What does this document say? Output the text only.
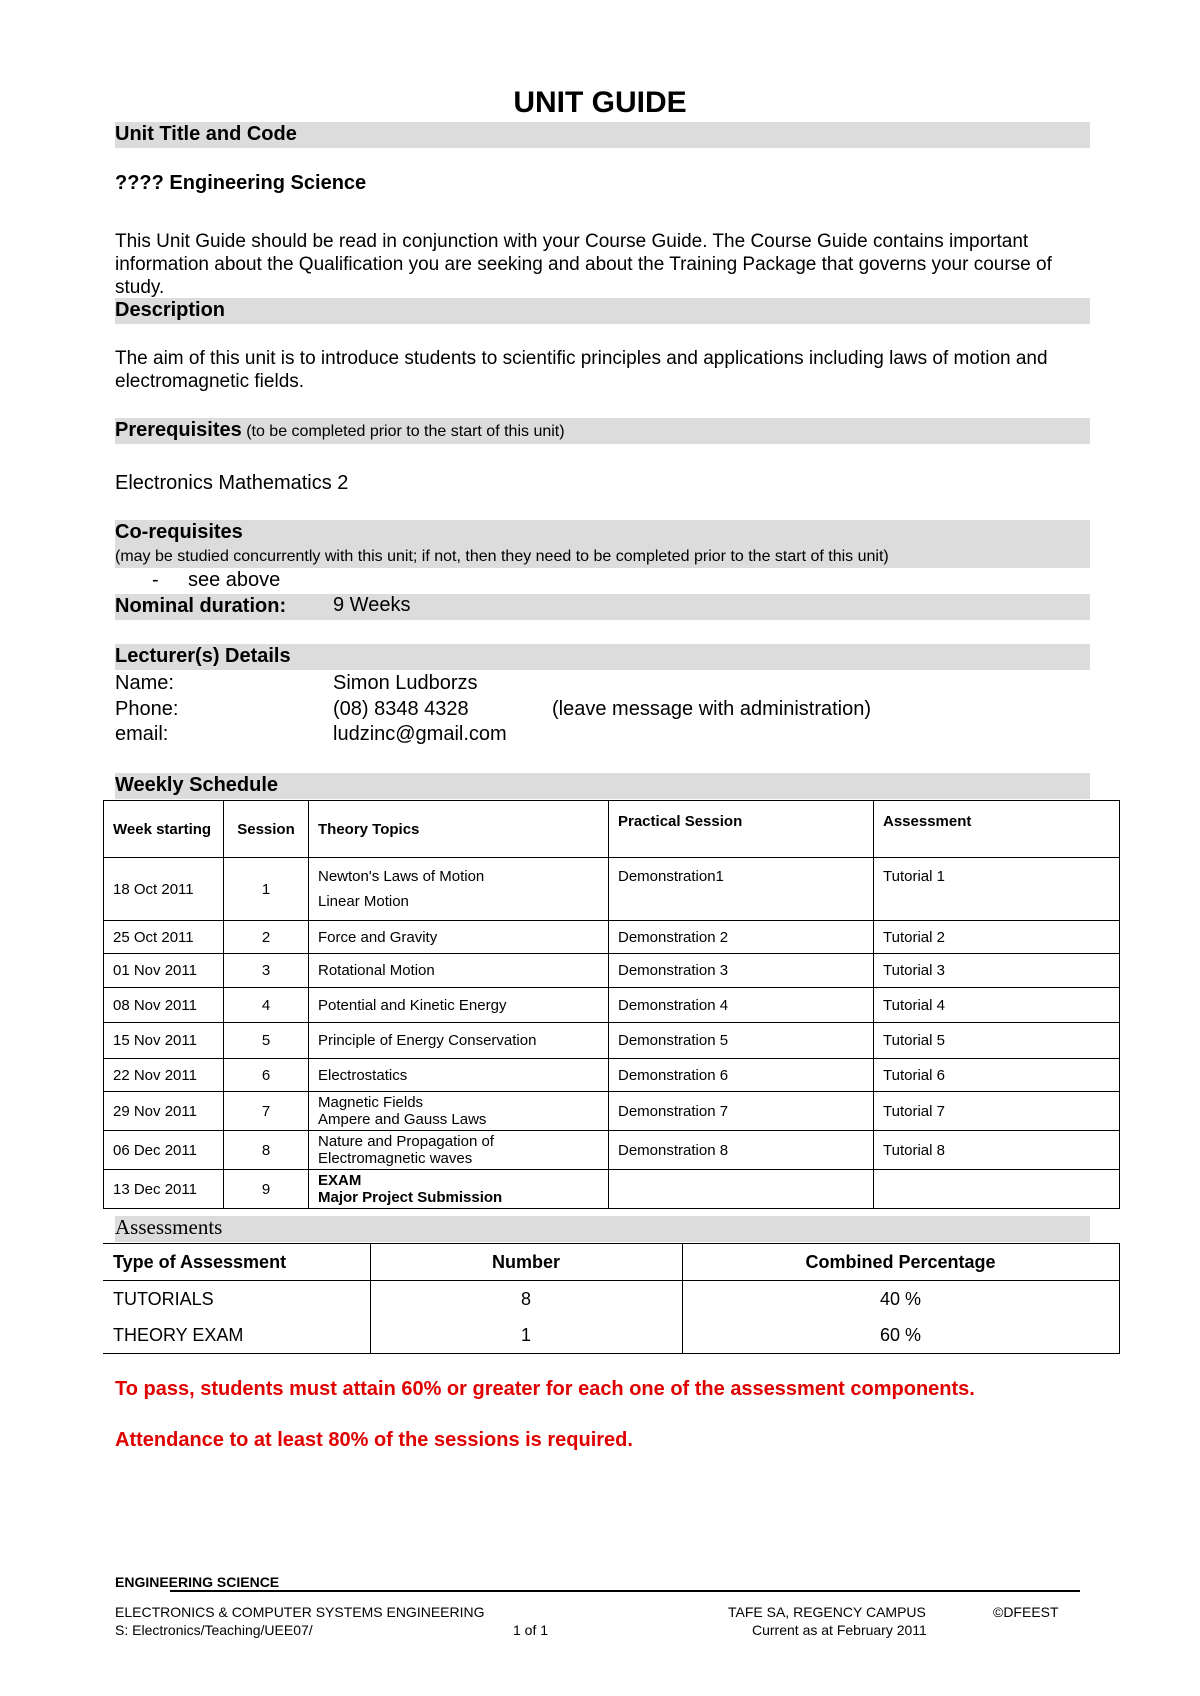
UNIT GUIDE
Unit Title and Code
???? Engineering Science
This Unit Guide should be read in conjunction with your Course Guide. The Course Guide contains important information about the Qualification you are seeking and about the Training Package that governs your course of study.
Description
The aim of this unit is to introduce students to scientific principles and applications including laws of motion and electromagnetic fields.
Prerequisites (to be completed prior to the start of this unit)
Electronics Mathematics 2
Co-requisites
(may be studied concurrently with this unit; if not, then they need to be completed prior to the start of this unit)
- see above
Nominal duration: 9 Weeks
Lecturer(s) Details
Name:	Simon Ludborzs
Phone:	(08) 8348 4328	(leave message with administration)
email:	ludzinc@gmail.com
Weekly Schedule
Week starting	Session	Theory Topics	Practical Session	Assessment
18 Oct 2011	1	Newton's Laws of Motion
Linear Motion	Demonstration1	Tutorial 1
25 Oct 2011	2	Force and Gravity	Demonstration 2	Tutorial 2
01 Nov 2011	3	Rotational Motion	Demonstration 3	Tutorial 3
08 Nov 2011	4	Potential and Kinetic Energy	Demonstration 4	Tutorial 4
15 Nov 2011	5	Principle of Energy Conservation	Demonstration 5	Tutorial 5
22 Nov 2011	6	Electrostatics	Demonstration 6	Tutorial 6
29 Nov 2011	7	Magnetic Fields
Ampere and Gauss Laws	Demonstration 7	Tutorial 7
06 Dec 2011	8	Nature and Propagation of
Electromagnetic waves	Demonstration 8	Tutorial 8
13 Dec 2011	9	EXAM
Major Project Submission		

Assessments
Type of Assessment	Number	Combined Percentage
TUTORIALS	8	40 %
THEORY EXAM	1	60 %
To pass, students must attain 60% or greater for each one of the assessment components.
Attendance to at least 80% of the sessions is required.
ENGINEERING SCIENCE
ELECTRONICS & COMPUTER SYSTEMS ENGINEERING
S: Electronics/Teaching/UEE07/	1 of 1
TAFE SA, REGENCY CAMPUS	©DFEEST
Current as at February 2011
